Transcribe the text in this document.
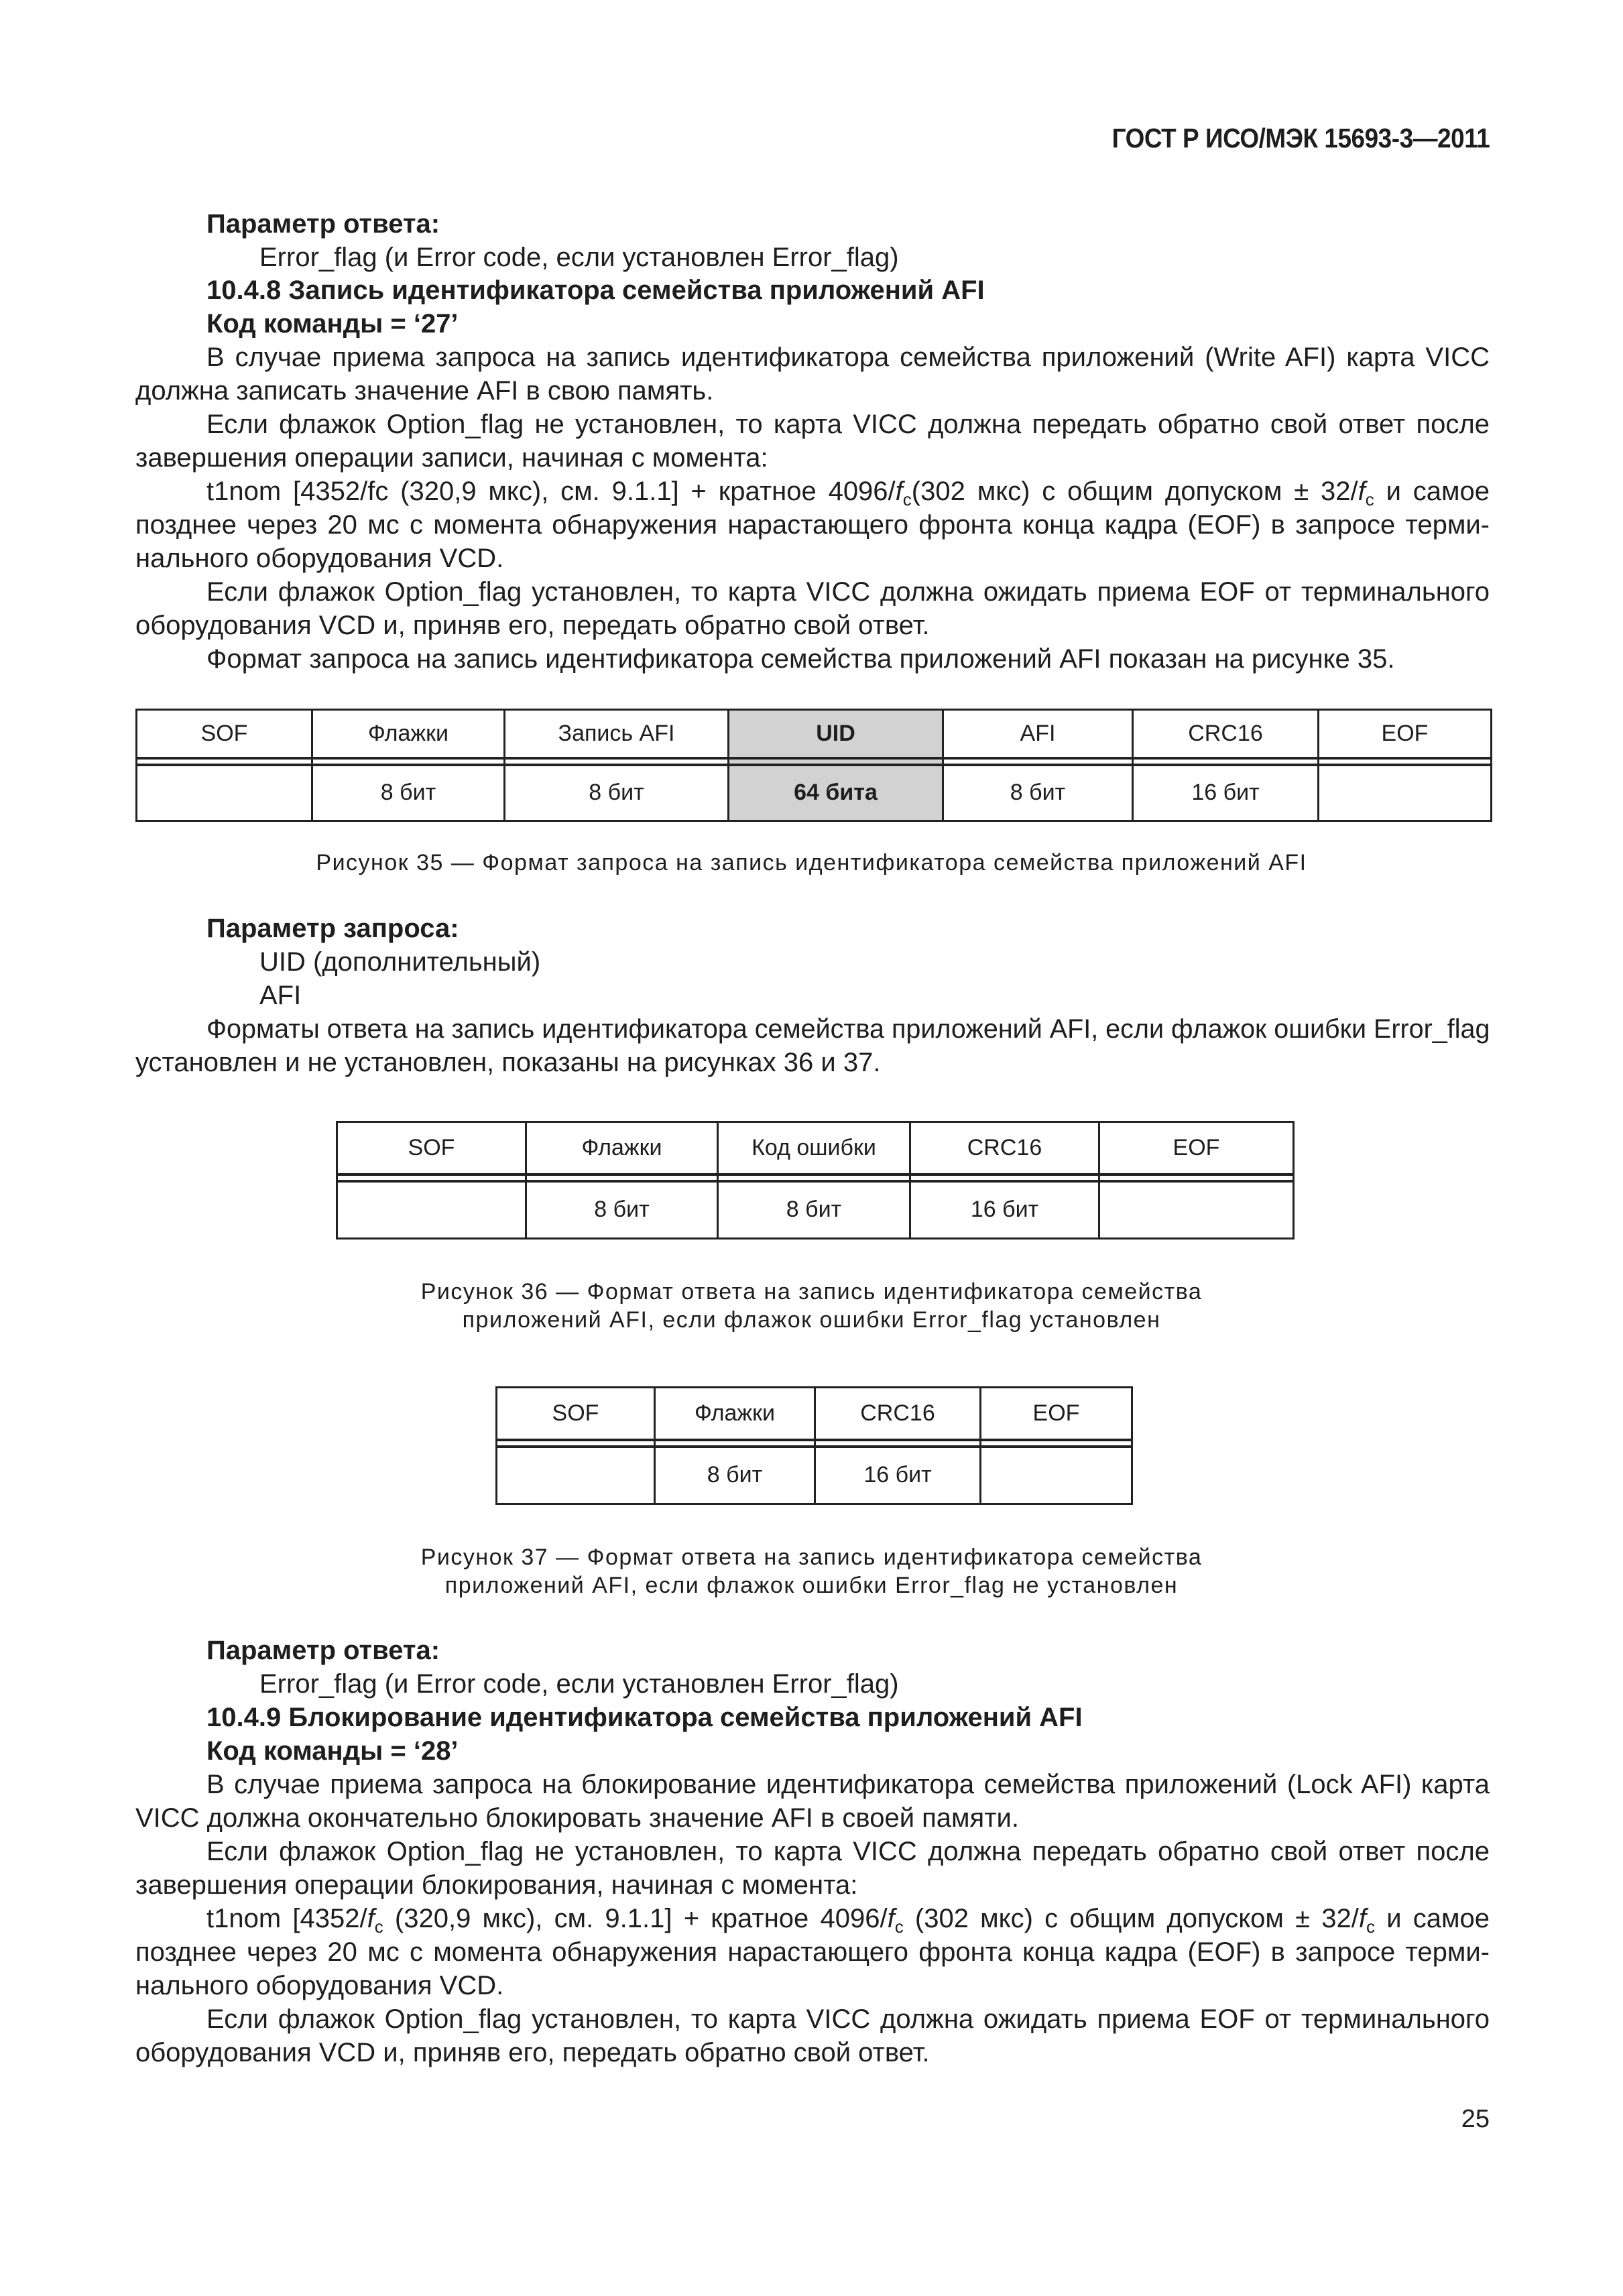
ГОСТ Р ИСО/МЭК 15693-3—2011
Параметр ответа:
Error_flag (и Error code, если установлен Error_flag)
10.4.8 Запись идентификатора семейства приложений AFI
Код команды = ‘27’
В случае приема запроса на запись идентификатора семейства приложений (Write AFI) карта VICC
должна записать значение AFI в свою память.
Если флажок Option_flag не установлен, то карта VICC должна передать обратно свой ответ после
завершения операции записи, начиная с момента:
t1nom [4352/fc (320,9 мкс), см. 9.1.1] + кратное $4096/f_c(302$ мкс) с общим допуском ± $32/f_c$ и самое
позднее через 20 мс с момента обнаружения нарастающего фронта конца кадра (EOF) в запросе терми-
нального оборудования VCD.
Если флажок Option_flag установлен, то карта VICC должна ожидать приема EOF от терминального
оборудования VCD и, приняв его, передать обратно свой ответ.
Формат запроса на запись идентификатора семейства приложений AFI показан на рисунке 35.
SOF	Флажки	Запись AFI	UID	AFI	CRC16	EOF

	8 бит	8 бит	64 бита	8 бит	16 бит	
Рисунок 35 — Формат запроса на запись идентификатора семейства приложений AFI
Параметр запроса:
UID (дополнительный)
AFI
Форматы ответа на запись идентификатора семейства приложений AFI, если флажок ошибки Error_flag
установлен и не установлен, показаны на рисунках 36 и 37.
SOF	Флажки	Код ошибки	CRC16	EOF

	8 бит	8 бит	16 бит	
Рисунок 36 — Формат ответа на запись идентификатора семейства
приложений AFI, если флажок ошибки Error_flag установлен
SOF	Флажки	CRC16	EOF

	8 бит	16 бит	
Рисунок 37 — Формат ответа на запись идентификатора семейства
приложений AFI, если флажок ошибки Error_flag не установлен
Параметр ответа:
Error_flag (и Error code, если установлен Error_flag)
10.4.9 Блокирование идентификатора семейства приложений AFI
Код команды = ‘28’
В случае приема запроса на блокирование идентификатора семейства приложений (Lock AFI) карта
VICC должна окончательно блокировать значение AFI в своей памяти.
Если флажок Option_flag не установлен, то карта VICC должна передать обратно свой ответ после
завершения операции блокирования, начиная с момента:
t1nom [$4352/f_c$ (320,9 мкс), см. 9.1.1] + кратное $4096/f_c$ (302 мкс) с общим допуском ± $32/f_c$ и самое
позднее через 20 мс с момента обнаружения нарастающего фронта конца кадра (EOF) в запросе терми-
нального оборудования VCD.
Если флажок Option_flag установлен, то карта VICC должна ожидать приема EOF от терминального
оборудования VCD и, приняв его, передать обратно свой ответ.
25
